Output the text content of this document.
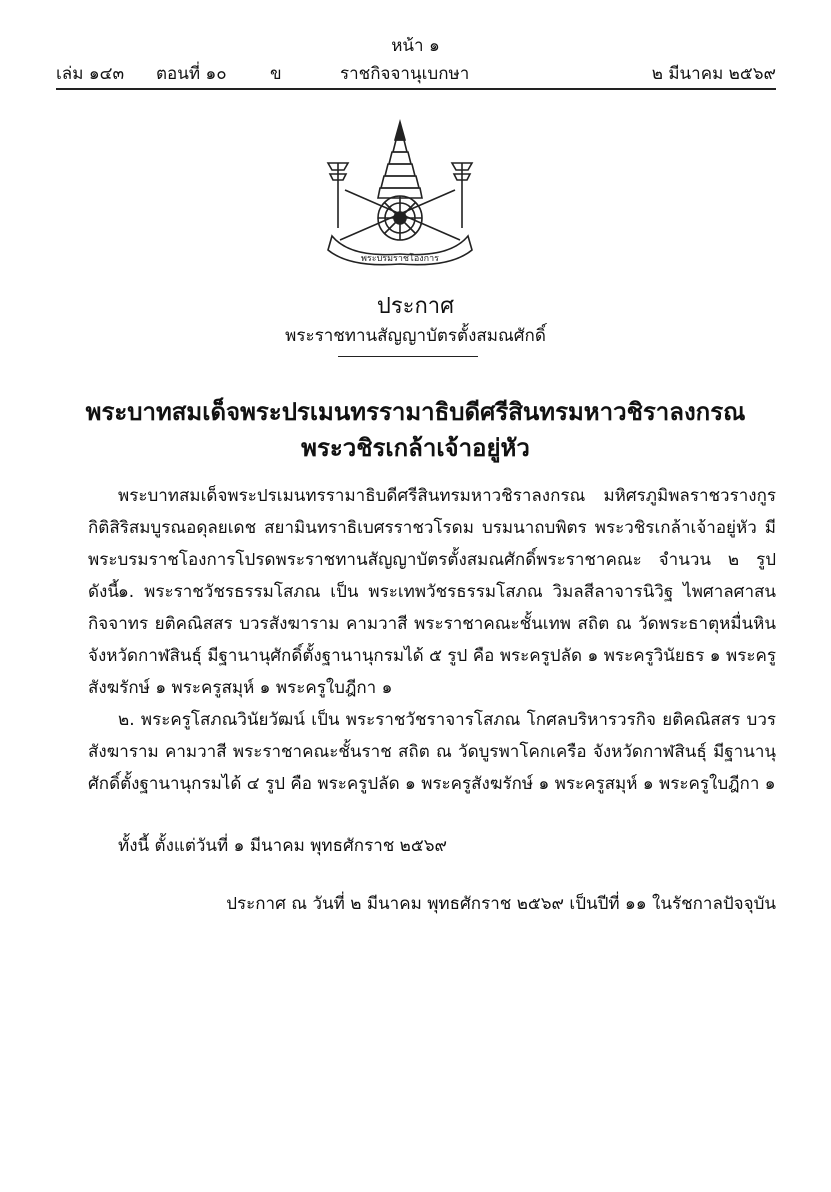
หน้า ๑
เล่ม ๑๔๓ ตอนที่ ๑๐	ข	ราชกิจจานุเบกษา	๒ มีนาคม ๒๕๖๙
พระบรมราชโองการ
ประกาศ
พระราชทานสัญญาบัตรตั้งสมณศักดิ์
พระบาทสมเด็จพระปรเมนทรรามาธิบดีศรีสินทรมหาวชิราลงกรณ
พระวชิรเกล้าเจ้าอยู่หัว
พระบาทสมเด็จพระปรเมนทรรามาธิบดีศรีสินทรมหาวชิราลงกรณ มหิศรภูมิพลราชวรางกูร กิติสิริสมบูรณอดุลยเดช สยามินทราธิเบศรราชวโรดม บรมนาถบพิตร พระวชิรเกล้าเจ้าอยู่หัว มีพระบรมราชโองการโปรดพระราชทานสัญญาบัตรตั้งสมณศักดิ์พระราชาคณะ จำนวน ๒ รูป ดังนี้ ๑. พระราชวัชรธรรมโสภณ เป็น พระเทพวัชรธรรมโสภณ วิมลสีลาจารนิวิฐ ไพศาลศาสนกิจจาทร ยติคณิสสร บวรสังฆาราม คามวาสี พระราชาคณะชั้นเทพ สถิต ณ วัดพระธาตุหมื่นหิน จังหวัดกาฬสินธุ์ มีฐานานุศักดิ์ตั้งฐานานุกรมได้ ๕ รูป คือ พระครูปลัด ๑ พระครูวินัยธร ๑ พระครูสังฆรักษ์ ๑ พระครูสมุห์ ๑ พระครูใบฎีกา ๑
๒. พระครูโสภณวินัยวัฒน์ เป็น พระราชวัชราจารโสภณ โกศลบริหารวรกิจ ยติคณิสสร บวรสังฆาราม คามวาสี พระราชาคณะชั้นราช สถิต ณ วัดบูรพาโคกเครือ จังหวัดกาฬสินธุ์ มีฐานานุศักดิ์ตั้งฐานานุกรมได้ ๔ รูป คือ พระครูปลัด ๑ พระครูสังฆรักษ์ ๑ พระครูสมุห์ ๑ พระครูใบฎีกา ๑
ทั้งนี้ ตั้งแต่วันที่ ๑ มีนาคม พุทธศักราช ๒๕๖๙
ประกาศ ณ วันที่ ๒ มีนาคม พุทธศักราช ๒๕๖๙ เป็นปีที่ ๑๑ ในรัชกาลปัจจุบัน
